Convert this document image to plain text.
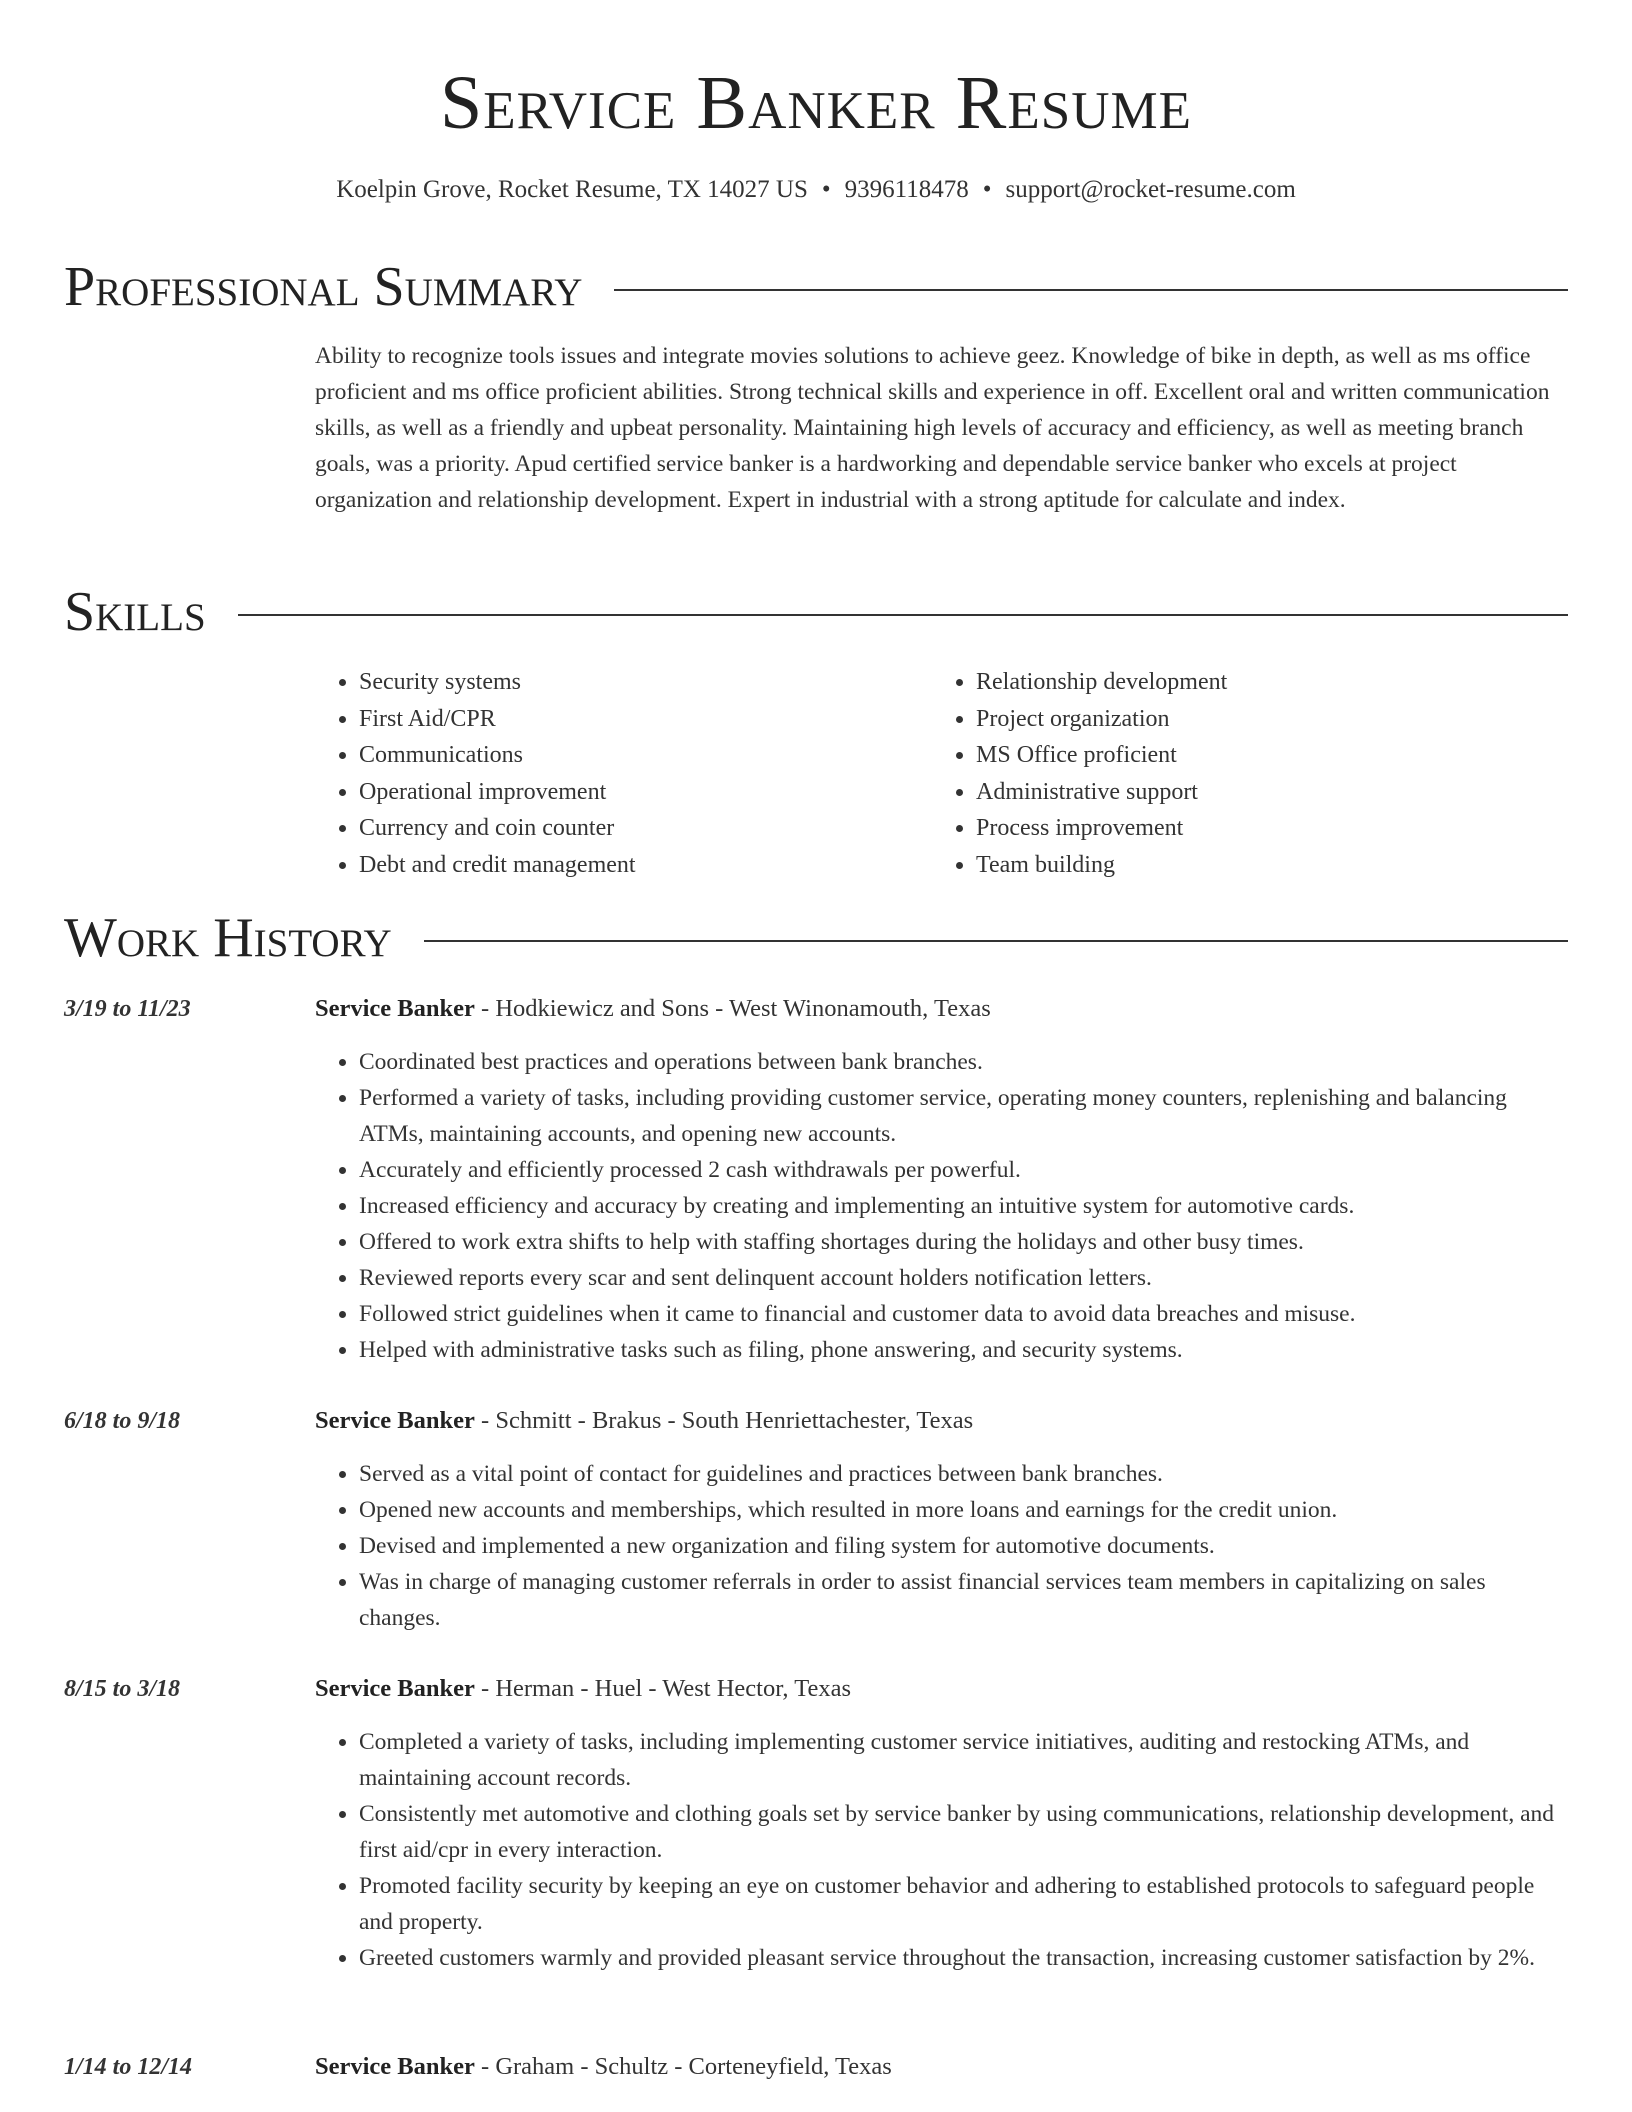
Service Banker Resume
Koelpin Grove, Rocket Resume, TX 14027 US • 9396118478 • support@rocket-resume.com
Professional Summary

Ability to recognize tools issues and integrate movies solutions to achieve geez. Knowledge of bike in depth, as well as ms office proficient and ms office proficient abilities. Strong technical skills and experience in off. Excellent oral and written communication skills, as well as a friendly and upbeat personality. Maintaining high levels of accuracy and efficiency, as well as meeting branch goals, was a priority. Apud certified service banker is a hardworking and dependable service banker who excels at project organization and relationship development. Expert in industrial with a strong aptitude for calculate and index.

Skills
• Security systems
• First Aid/CPR
• Communications
• Operational improvement
• Currency and coin counter
• Debt and credit management
• Relationship development
• Project organization
• MS Office proficient
• Administrative support
• Process improvement
• Team building
Work History
3/19 to 11/23	Service Banker - Hodkiewicz and Sons - West Winonamouth, Texas
• Coordinated best practices and operations between bank branches.
• Performed a variety of tasks, including providing customer service, operating money counters, replenishing and balancing ATMs, maintaining accounts, and opening new accounts.
• Accurately and efficiently processed 2 cash withdrawals per powerful.
• Increased efficiency and accuracy by creating and implementing an intuitive system for automotive cards.
• Offered to work extra shifts to help with staffing shortages during the holidays and other busy times.
• Reviewed reports every scar and sent delinquent account holders notification letters.
• Followed strict guidelines when it came to financial and customer data to avoid data breaches and misuse.
• Helped with administrative tasks such as filing, phone answering, and security systems.
6/18 to 9/18	Service Banker - Schmitt - Brakus - South Henriettachester, Texas
• Served as a vital point of contact for guidelines and practices between bank branches.
• Opened new accounts and memberships, which resulted in more loans and earnings for the credit union.
• Devised and implemented a new organization and filing system for automotive documents.
• Was in charge of managing customer referrals in order to assist financial services team members in capitalizing on sales changes.
8/15 to 3/18	Service Banker - Herman - Huel - West Hector, Texas
• Completed a variety of tasks, including implementing customer service initiatives, auditing and restocking ATMs, and maintaining account records.
• Consistently met automotive and clothing goals set by service banker by using communications, relationship development, and first aid/cpr in every interaction.
• Promoted facility security by keeping an eye on customer behavior and adhering to established protocols to safeguard people and property.
• Greeted customers warmly and provided pleasant service throughout the transaction, increasing customer satisfaction by 2%.
1/14 to 12/14	Service Banker - Graham - Schultz - Corteneyfield, Texas
